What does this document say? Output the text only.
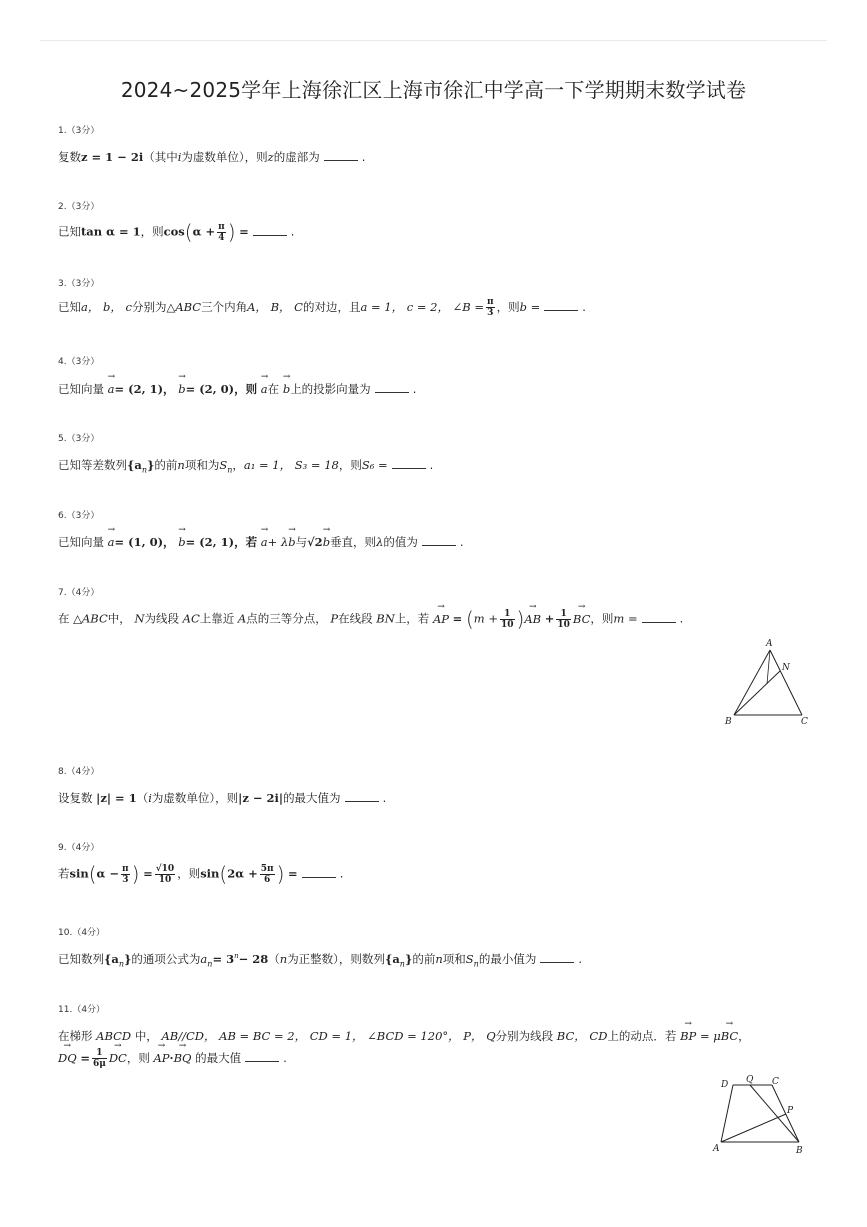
2024~2025学年上海徐汇区上海市徐汇中学高一下学期期末数学试卷
1.（3分）
复数z = 1 − 2i（其中i为虚数单位），则z的虚部为	.
2.（3分）
已知tan α = 1，则$\cos(\alpha + \frac{\pi}{4}$ ) =	.
3.（3分）
已知a， b， c分别为△ABC三个内角A， B， C的对边，且a = 1， c = 2， ∠B = $\frac{\pi}{3}$ ，则b =	.
4.（3分）
已知向量 → a= (2, 1)， → b= (2, 0)，则 → a在 → b上的投影向量为	.
5.（3分）
已知等差数列$\{a_n\}$的前n项和为$S_n$，a₁ = 1， S₃ = 18，则S₆ =	.
6.（3分）
已知向量 → a= (1, 0)， → b= (2, 1)，若 → a+ λ→ b与√2→ b垂直，则λ的值为	.
7.（4分）
在 △ABC中， N为线段 AC上靠近 A点的三等分点， P在线段 BN上，若 → AP = ($m + \frac{1}{10}$ )→ AB + $\frac{1}{10}$ → BC，则m =	.
A
N
B	C
8.（4分）
设复数 |z| = 1（i为虚数单位），则|z − 2i|的最大值为	.
9.（4分）
若$\sin(\alpha - \frac{\pi}{3}$ ) = $\frac{√10}{10}$ ，则$\sin(2\alpha + \frac{5\pi}{6}$ ) =	.
10.（4分）
已知数列$\{a_n\}$的通项公式为$a_n= 3^n- 28(n$为正整数），则数列$\{a_n\}$的前n项和$S_n$的最小值为	.
11.（4分）
在梯形 ABCD 中， AB//CD， AB = BC = 2， CD = 1， ∠BCD = 120°， P， Q分别为线段 BC， CD上的动点．若 → BP = μ→ BC，
→ DQ = $\frac{1}{6\mu}$ → DC，则 → AP·→ BQ 的最大值	.
D Q C
P
A	B
